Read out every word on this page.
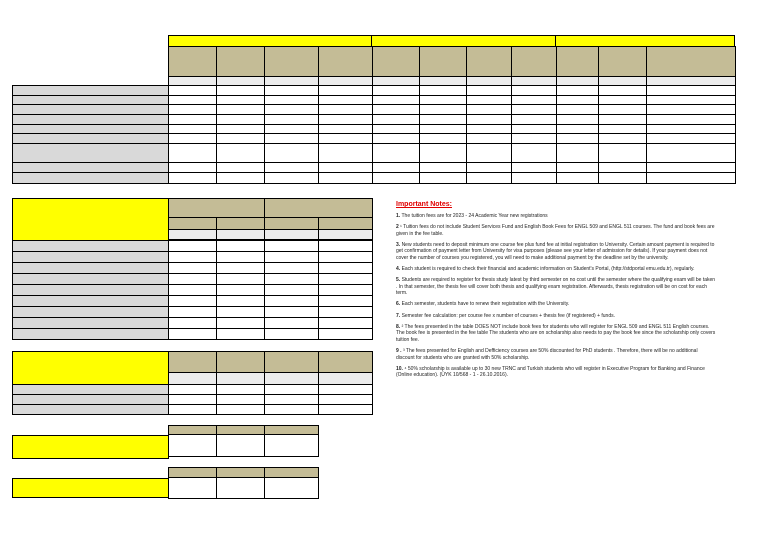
Important Notes:

1. The tuition fees are for 2023 - 24 Academic Year new registrations

2 ¹ Tuition fees do not include Student Services Fund and English Book Fees for ENGL 509 and ENGL 511 courses. The fund and book fees are given in the fee table.

3. New students need to deposit minimum one course fee plus fund fee at initial registration to University. Certain amount payment is required to get confirmation of payment letter from University for visa purposes (please see your letter of admission for details). If your payment does not cover the number of courses you registered, you will need to make additional payment by the deadline set by the university.

4. Each student is required to check their financial and academic information on Student's Portal, (http://stdportal emu.edu.tr), regularly.

5. Students are required to register for thesis study latest by third semester on no cost until the semester where the qualifying exam will be taken . In that semester, the thesis fee will cover both thesis and qualifying exam registration. Afterwards, thesis registration will be on cost for each term.

6. Each semester, students have to renew their registration with the University.

7. Semester fee calculation: per course fee x number of courses + thesis fee (if registered) + funds.

8. ² The fees presented in the table DOES NOT include book fees for students who will register for ENGL 509 and ENGL 511 English courses. The book fee is presented in the fee table The students who are on scholarship also needs to pay the book fee since the scholarship only covers tuition fee.

9 . ³ The fees presented for English and Defficiency courses are 50% discounted for PhD students . Therefore, there will be no additional discount for students who are granted with 50% scholarship.

10. ⁴ 50% scholarship is available up to 30 new TRNC and Turkish students who will register in Executive Program for Banking and Finance (Online education). (ÜYK 10/568 - 1 - 26.10.2016).
